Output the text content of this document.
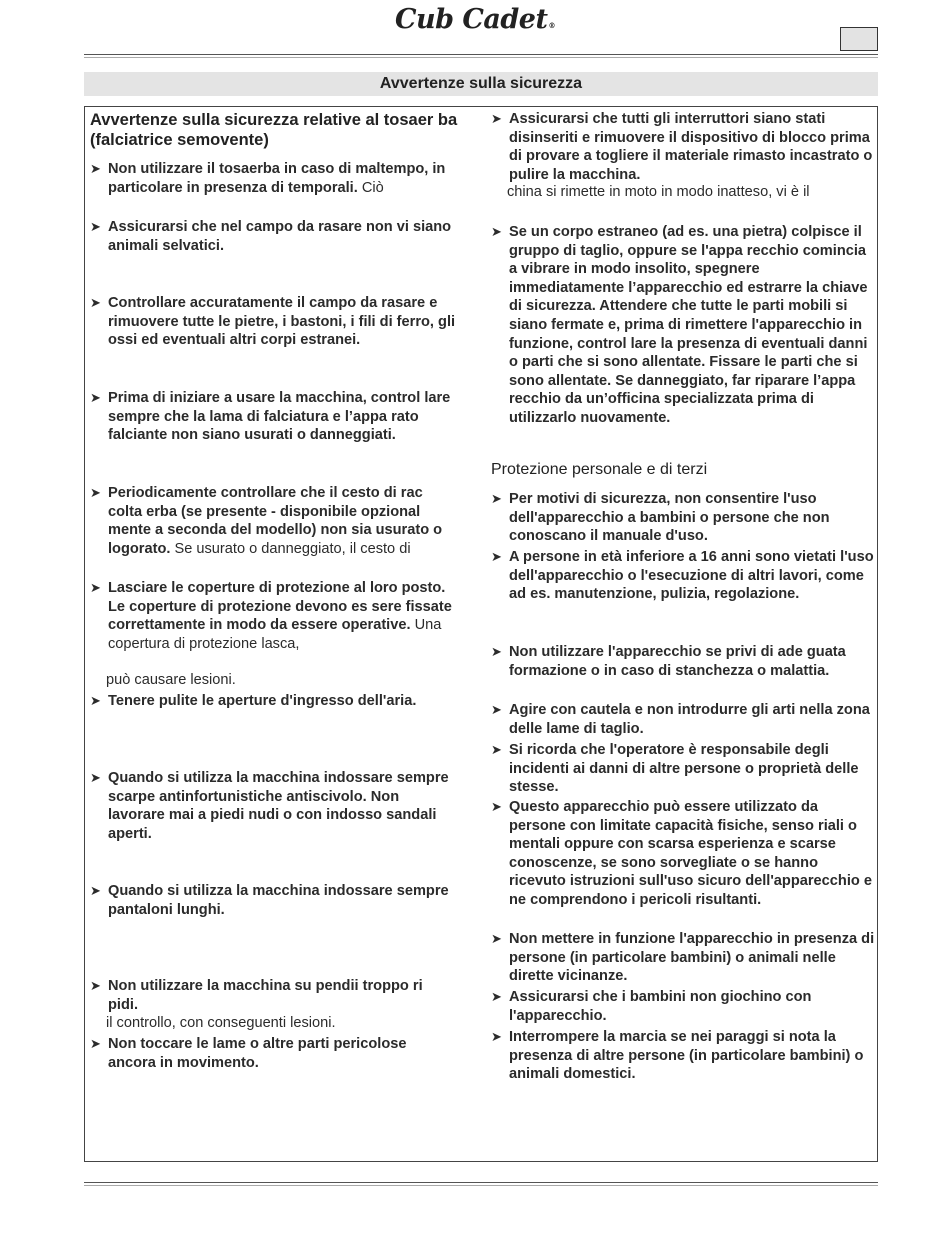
Cub Cadet®
Avvertenze sulla sicurezza
Avvertenze sulla sicurezza relative al tosaer ba (falciatrice semovente)
➤ Non utilizzare il tosaerba in caso di maltempo, in particolare in presenza di temporali. Ciò
➤ Assicurarsi che nel campo da rasare non vi siano animali selvatici.
➤ Controllare accuratamente il campo da rasare e rimuovere tutte le pietre, i bastoni, i fili di ferro, gli ossi ed eventuali altri corpi estranei.
➤ Prima di iniziare a usare la macchina, control lare sempre che la lama di falciatura e l’appa rato falciante non siano usurati o danneggiati.
➤ Periodicamente controllare che il cesto di rac colta erba (se presente - disponibile opzional mente a seconda del modello) non sia usurato o logorato. Se usurato o danneggiato, il cesto di
➤ Lasciare le coperture di protezione al loro posto. Le coperture di protezione devono es sere fissate correttamente in modo da essere operative. Una copertura di protezione lasca,
può causare lesioni.
➤ Tenere pulite le aperture d'ingresso dell'aria.
➤ Quando si utilizza la macchina indossare sempre scarpe antinfortunistiche antiscivolo. Non lavorare mai a piedi nudi o con indosso sandali aperti.
➤ Quando si utilizza la macchina indossare sempre pantaloni lunghi.
➤ Non utilizzare la macchina su pendii troppo ri pidi.
il controllo, con conseguenti lesioni.
➤ Non toccare le lame o altre parti pericolose ancora in movimento.
➤ Assicurarsi che tutti gli interruttori siano stati disinseriti e rimuovere il dispositivo di blocco prima di provare a togliere il materiale rimasto incastrato o pulire la macchina.
china si rimette in moto in modo inatteso, vi è il
➤ Se un corpo estraneo (ad es. una pietra) colpisce il gruppo di taglio, oppure se l'appa recchio comincia a vibrare in modo insolito, spegnere immediatamente l’apparecchio ed estrarre la chiave di sicurezza. Attendere che tutte le parti mobili si siano fermate e, prima di rimettere l'apparecchio in funzione, control lare la presenza di eventuali danni o parti che si sono allentate. Fissare le parti che si sono allentate. Se danneggiato, far riparare l’appa recchio da un’officina specializzata prima di utilizzarlo nuovamente.
Protezione personale e di terzi
➤ Per motivi di sicurezza, non consentire l'uso dell'apparecchio a bambini o persone che non conoscano il manuale d'uso.
➤ A persone in età inferiore a 16 anni sono vietati l'uso dell'apparecchio o l'esecuzione di altri lavori, come ad es. manutenzione, pulizia, regolazione.
➤ Non utilizzare l'apparecchio se privi di ade guata formazione o in caso di stanchezza o malattia.
➤ Agire con cautela e non introdurre gli arti nella zona delle lame di taglio.
➤ Si ricorda che l'operatore è responsabile degli incidenti ai danni di altre persone o proprietà delle stesse.
➤ Questo apparecchio può essere utilizzato da persone con limitate capacità fisiche, senso riali o mentali oppure con scarsa esperienza e scarse conoscenze, se sono sorvegliate o se hanno ricevuto istruzioni sull'uso sicuro dell'apparecchio e ne comprendono i pericoli risultanti.
➤ Non mettere in funzione l'apparecchio in presenza di persone (in particolare bambini) o animali nelle dirette vicinanze.
➤ Assicurarsi che i bambini non giochino con l'apparecchio.
➤ Interrompere la marcia se nei paraggi si nota la presenza di altre persone (in particolare bambini) o animali domestici.
